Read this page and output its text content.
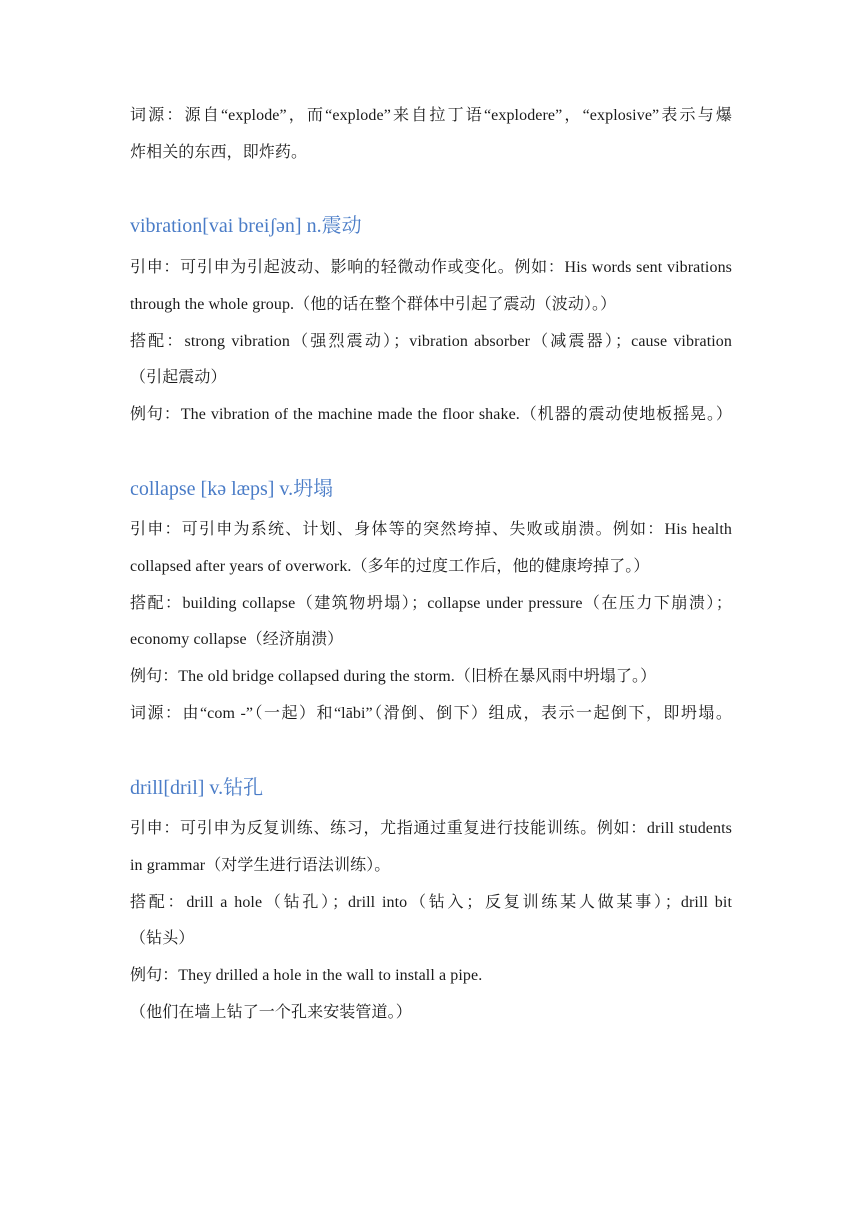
词源：源自“explode”，而“explode”来自拉丁语“explodere”，“explosive”表示与爆
炸相关的东西，即炸药。
vibration[vai breiʃən] n.震动
引申：可引申为引起波动、影响的轻微动作或变化。例如：His words sent vibrations
through the whole group.（他的话在整个群体中引起了震动（波动）。）
搭配：strong vibration（强烈震动）；vibration absorber（减震器）；cause vibration
（引起震动）
例句：The vibration of the machine made the floor shake.（机器的震动使地板摇晃。）
collapse [kə læps] v.坍塌
引申：可引申为系统、计划、身体等的突然垮掉、失败或崩溃。例如：His health
collapsed after years of overwork.（多年的过度工作后，他的健康垮掉了。）
搭配：building collapse（建筑物坍塌）；collapse under pressure（在压力下崩溃）；
economy collapse（经济崩溃）
例句：The old bridge collapsed during the storm.（旧桥在暴风雨中坍塌了。）
词源：由“com -”（一起）和“lābi”（滑倒、倒下）组成，表示一起倒下，即坍塌。
drill[dril] v.钻孔
引申：可引申为反复训练、练习，尤指通过重复进行技能训练。例如：drill students
in grammar（对学生进行语法训练）。
搭配：drill a hole（钻孔）；drill into（钻入；反复训练某人做某事）；drill bit
（钻头）
例句：They drilled a hole in the wall to install a pipe.
（他们在墙上钻了一个孔来安装管道。）
